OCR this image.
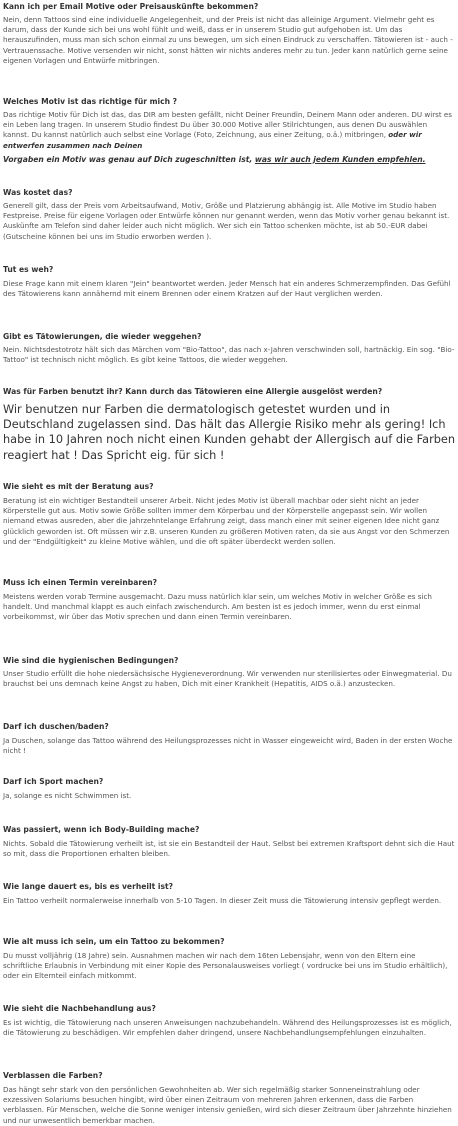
Kann ich per Email Motive oder Preisauskünfte bekommen?
Nein, denn Tattoos sind eine individuelle Angelegenheit, und der Preis ist nicht das alleinige Argument. Vielmehr geht es darum, dass der Kunde sich bei uns wohl fühlt und weiß, dass er in unserem Studio gut aufgehoben ist. Um das herauszufinden, muss man sich schon einmal zu uns bewegen, um sich einen Eindruck zu verschaffen. Tätowieren ist - auch - Vertrauenssache. Motive versenden wir nicht, sonst hätten wir nichts anderes mehr zu tun. Jeder kann natürlich gerne seine eigenen Vorlagen und Entwürfe mitbringen.
Welches Motiv ist das richtige für mich ?
Das richtige Motiv für Dich ist das, das DIR am besten gefällt, nicht Deiner Freundin, Deinem Mann oder anderen. DU wirst es ein Leben lang tragen. In unserem Studio findest Du über 30.000 Motive aller Stilrichtungen, aus denen Du auswählen kannst. Du kannst natürlich auch selbst eine Vorlage (Foto, Zeichnung, aus einer Zeitung, o.ä.) mitbringen, oder wir entwerfen zusammen nach Deinen
Vorgaben ein Motiv was genau auf Dich zugeschnitten ist, was wir auch jedem Kunden empfehlen.
Was kostet das?
Generell gilt, dass der Preis vom Arbeitsaufwand, Motiv, Größe und Platzierung abhängig ist. Alle Motive im Studio haben Festpreise. Preise für eigene Vorlagen oder Entwürfe können nur genannt werden, wenn das Motiv vorher genau bekannt ist. Auskünfte am Telefon sind daher leider auch nicht möglich. Wer sich ein Tattoo schenken möchte, ist ab 50.-EUR dabei (Gutscheine können bei uns im Studio erworben werden ).
Tut es weh?
Diese Frage kann mit einem klaren "Jein" beantwortet werden. Jeder Mensch hat ein anderes Schmerzempfinden. Das Gefühl des Tätowierens kann annähernd mit einem Brennen oder einem Kratzen auf der Haut verglichen werden.
Gibt es Tätowierungen, die wieder weggehen?
Nein. Nichtsdestotrotz hält sich das Märchen vom "Bio-Tattoo", das nach x-Jahren verschwinden soll, hartnäckig. Ein sog. "Bio-Tattoo" ist technisch nicht möglich. Es gibt keine Tattoos, die wieder weggehen.
Was für Farben benutzt ihr? Kann durch das Tätowieren eine Allergie ausgelöst werden?
Wir benutzen nur Farben die dermatologisch getestet wurden und in Deutschland zugelassen sind. Das hält das Allergie Risiko mehr als gering! Ich habe in 10 Jahren noch nicht einen Kunden gehabt der Allergisch auf die Farben reagiert hat ! Das Spricht eig. für sich !
Wie sieht es mit der Beratung aus?
Beratung ist ein wichtiger Bestandteil unserer Arbeit. Nicht jedes Motiv ist überall machbar oder sieht nicht an jeder Körperstelle gut aus. Motiv sowie Größe sollten immer dem Körperbau und der Körperstelle angepasst sein. Wir wollen niemand etwas ausreden, aber die jahrzehntelange Erfahrung zeigt, dass manch einer mit seiner eigenen Idee nicht ganz glücklich geworden ist. Oft müssen wir z.B. unseren Kunden zu größeren Motiven raten, da sie aus Angst vor den Schmerzen und der "Endgültigkeit" zu kleine Motive wählen, und die oft später überdeckt werden sollen.
Muss ich einen Termin vereinbaren?
Meistens werden vorab Termine ausgemacht. Dazu muss natürlich klar sein, um welches Motiv in welcher Größe es sich handelt. Und manchmal klappt es auch einfach zwischendurch. Am besten ist es jedoch immer, wenn du erst einmal vorbeikommst, wir über das Motiv sprechen und dann einen Termin vereinbaren.
Wie sind die hygienischen Bedingungen?
Unser Studio erfüllt die hohe niedersächsische Hygieneverordnung. Wir verwenden nur sterilisiertes oder Einwegmaterial. Du brauchst bei uns demnach keine Angst zu haben, Dich mit einer Krankheit (Hepatitis, AIDS o.ä.) anzustecken.
Darf ich duschen/baden?
Ja Duschen, solange das Tattoo während des Heilungsprozesses nicht in Wasser eingeweicht wird, Baden in der ersten Woche nicht !
Darf ich Sport machen?
Ja, solange es nicht Schwimmen ist.
Was passiert, wenn ich Body-Building mache?
Nichts. Sobald die Tätowierung verheilt ist, ist sie ein Bestandteil der Haut. Selbst bei extremen Kraftsport dehnt sich die Haut so mit, dass die Proportionen erhalten bleiben.
Wie lange dauert es, bis es verheilt ist?
Ein Tattoo verheilt normalerweise innerhalb von 5-10 Tagen. In dieser Zeit muss die Tätowierung intensiv gepflegt werden.
Wie alt muss ich sein, um ein Tattoo zu bekommen?
Du musst volljährig (18 Jahre) sein. Ausnahmen machen wir nach dem 16ten Lebensjahr, wenn von den Eltern eine schriftliche Erlaubnis in Verbindung mit einer Kopie des Personalausweises vorliegt ( vordrucke bei uns im Studio erhältlich), oder ein Elternteil einfach mitkommt.
Wie sieht die Nachbehandlung aus?
Es ist wichtig, die Tätowierung nach unseren Anweisungen nachzubehandeln. Während des Heilungsprozesses ist es möglich, die Tätowierung zu beschädigen. Wir empfehlen daher dringend, unsere Nachbehandlungsempfehlungen einzuhalten.
Verblassen die Farben?
Das hängt sehr stark von den persönlichen Gewohnheiten ab. Wer sich regelmäßig starker Sonneneinstrahlung oder exzessiven Solariums besuchen hingibt, wird über einen Zeitraum von mehreren Jahren erkennen, dass die Farben verblassen. Für Menschen, welche die Sonne weniger intensiv genießen, wird sich dieser Zeitraum über Jahrzehnte hinziehen und nur unwesentlich bemerkbar machen.
